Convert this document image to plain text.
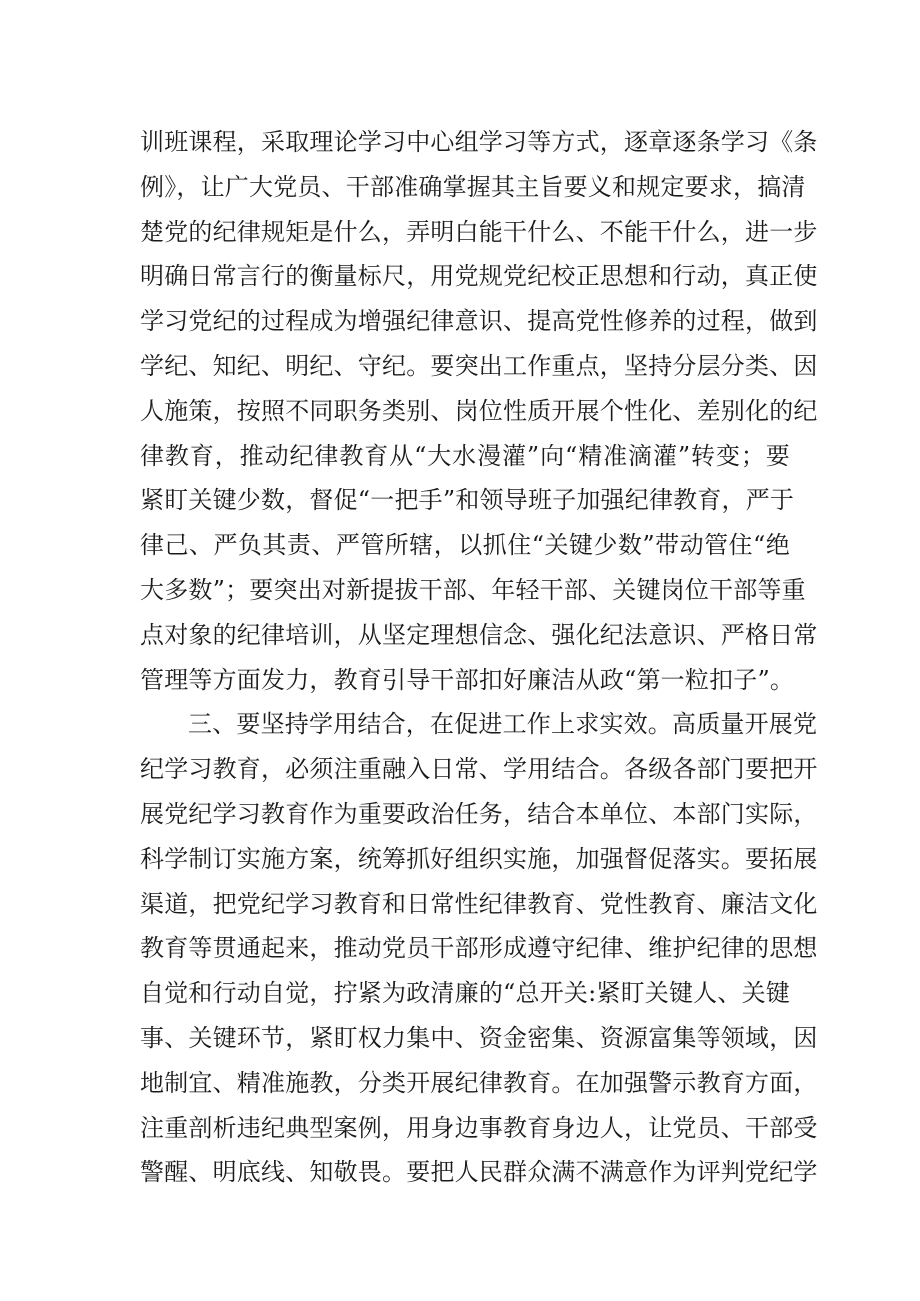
训班课程，采取理论学习中心组学习等方式，逐章逐条学习《条
例》，让广大党员、干部准确掌握其主旨要义和规定要求，搞清
楚党的纪律规矩是什么，弄明白能干什么、不能干什么，进一步
明确日常言行的衡量标尺，用党规党纪校正思想和行动，真正使
学习党纪的过程成为增强纪律意识、提高党性修养的过程，做到
学纪、知纪、明纪、守纪。要突出工作重点，坚持分层分类、因
人施策，按照不同职务类别、岗位性质开展个性化、差别化的纪
律教育，推动纪律教育从“大水漫灌”向“精准滴灌”转变；要
紧盯关键少数，督促“一把手”和领导班子加强纪律教育，严于
律己、严负其责、严管所辖，以抓住“关键少数”带动管住“绝
大多数”；要突出对新提拔干部、年轻干部、关键岗位干部等重
点对象的纪律培训，从坚定理想信念、强化纪法意识、严格日常
管理等方面发力，教育引导干部扣好廉洁从政“第一粒扣子”。
三、要坚持学用结合，在促进工作上求实效。高质量开展党
纪学习教育，必须注重融入日常、学用结合。各级各部门要把开
展党纪学习教育作为重要政治任务，结合本单位、本部门实际，
科学制订实施方案，统筹抓好组织实施，加强督促落实。要拓展
渠道，把党纪学习教育和日常性纪律教育、党性教育、廉洁文化
教育等贯通起来，推动党员干部形成遵守纪律、维护纪律的思想
自觉和行动自觉，拧紧为政清廉的“总开关:紧盯关键人、关键
事、关键环节，紧盯权力集中、资金密集、资源富集等领域，因
地制宜、精准施教，分类开展纪律教育。在加强警示教育方面，
注重剖析违纪典型案例，用身边事教育身边人，让党员、干部受
警醒、明底线、知敬畏。要把人民群众满不满意作为评判党纪学
